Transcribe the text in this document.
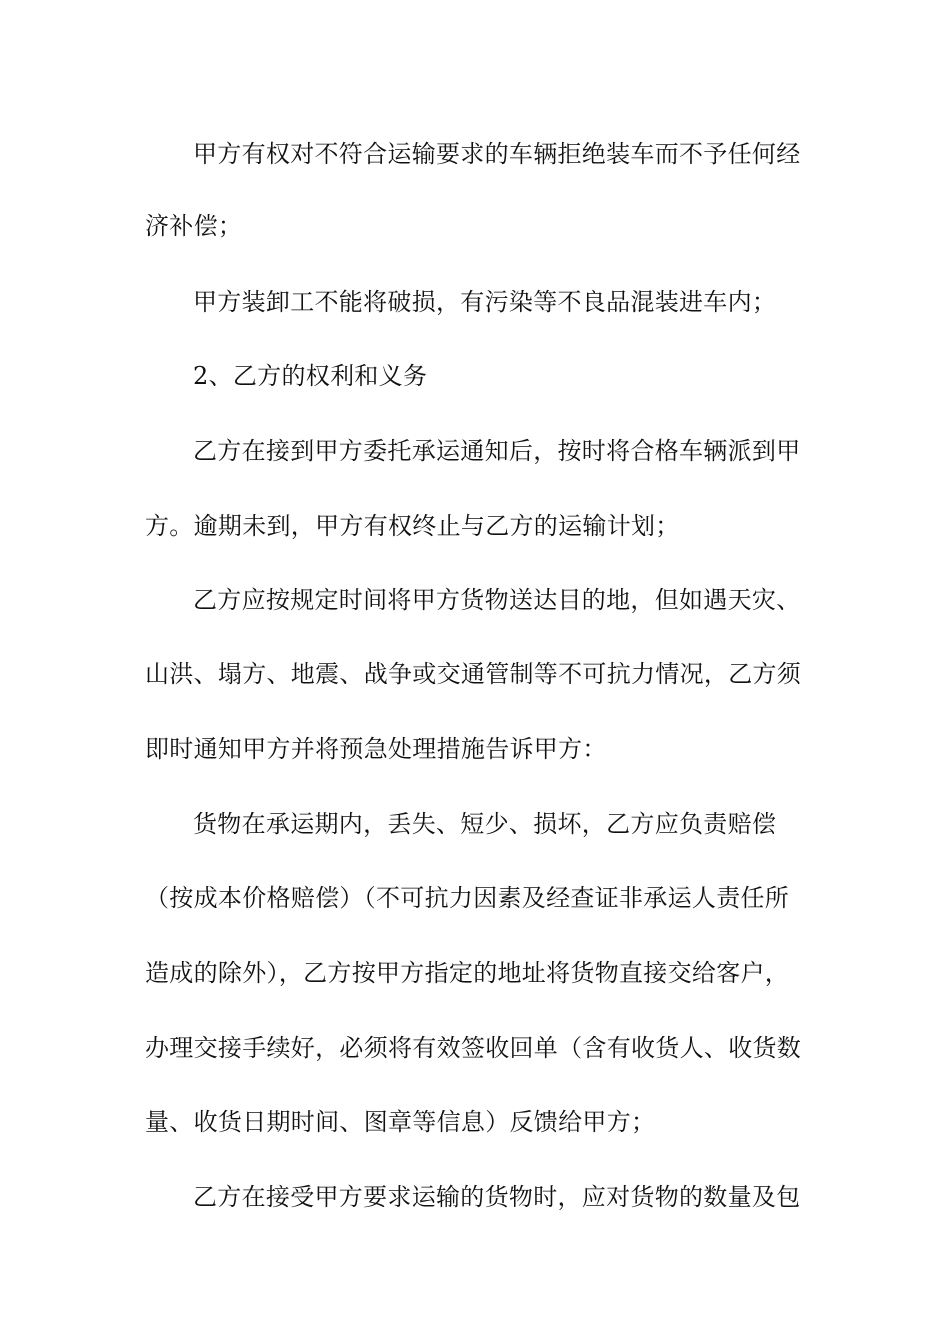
甲方有权对不符合运输要求的车辆拒绝装车而不予任何经
济补偿；
甲方装卸工不能将破损，有污染等不良品混装进车内；
2、乙方的权利和义务
乙方在接到甲方委托承运通知后，按时将合格车辆派到甲
方。逾期未到，甲方有权终止与乙方的运输计划；
乙方应按规定时间将甲方货物送达目的地，但如遇天灾、
山洪、塌方、地震、战争或交通管制等不可抗力情况，乙方须
即时通知甲方并将预急处理措施告诉甲方：
货物在承运期内，丢失、短少、损坏，乙方应负责赔偿
（按成本价格赔偿）（不可抗力因素及经查证非承运人责任所
造成的除外），乙方按甲方指定的地址将货物直接交给客户，
办理交接手续好，必须将有效签收回单（含有收货人、收货数
量、收货日期时间、图章等信息）反馈给甲方；
乙方在接受甲方要求运输的货物时，应对货物的数量及包
